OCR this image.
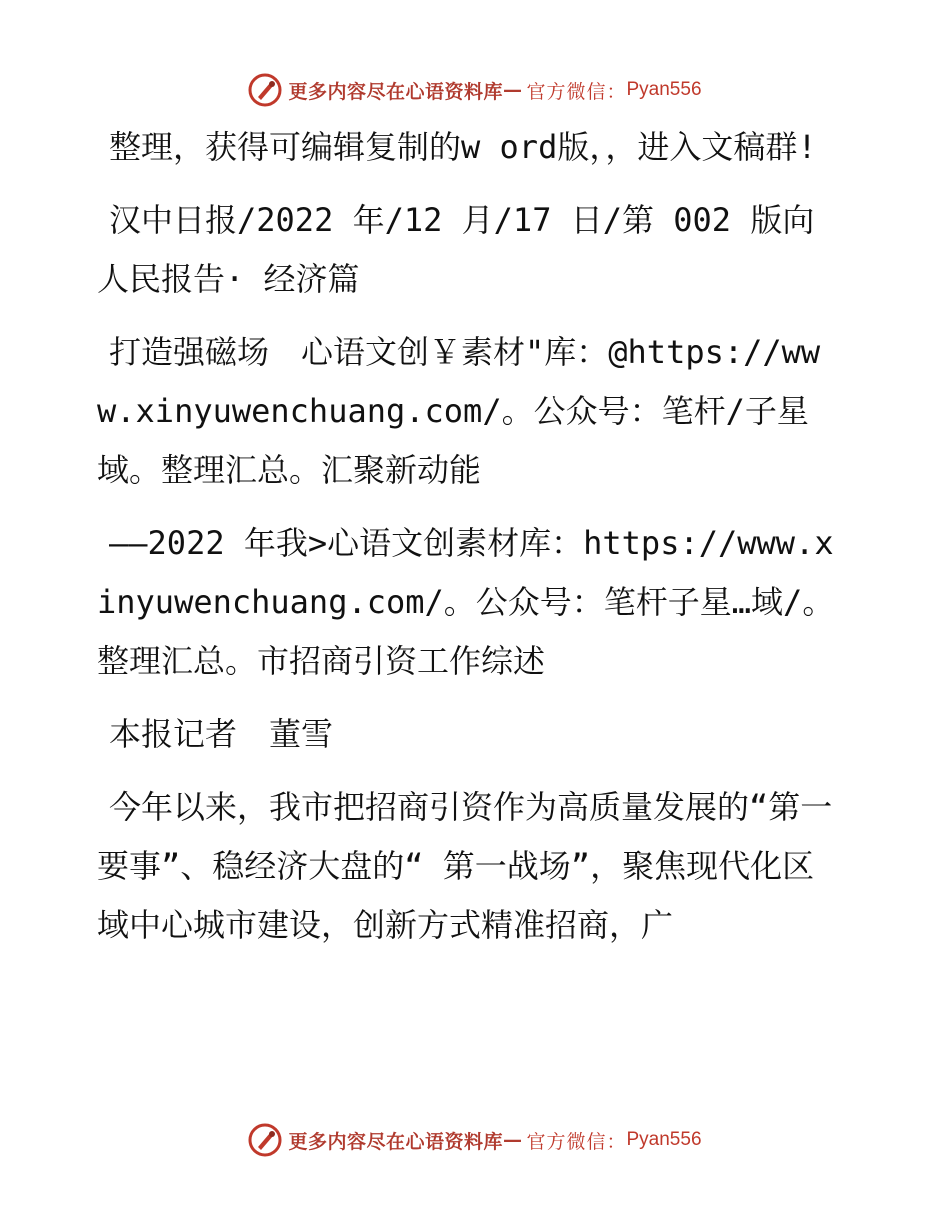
更多内容尽在心语资料库 — 官方微信： Pyan556

整理，获得可编辑复制的w ord版，，进入文稿群!

汉中日报/2022 年/12 月/17 日/第 002 版向人民报告· 经济篇

打造强磁场　心语文创￥素材"库：@https://www.xinyuwenchuang.com/。公众号：笔杆/子星域。整理汇总。汇聚新动能

——2022 年我>心语文创素材库：https://www.xinyuwenchuang.com/。公众号：笔杆子星…域/。整理汇总。市招商引资工作综述

本报记者　董雪

今年以来，我市把招商引资作为高质量发展的“第一要事”、稳经济大盘的“ 第一战场”，聚焦现代化区域中心城市建设，创新方式精准招商，广

更多内容尽在心语资料库 — 官方微信： Pyan556
